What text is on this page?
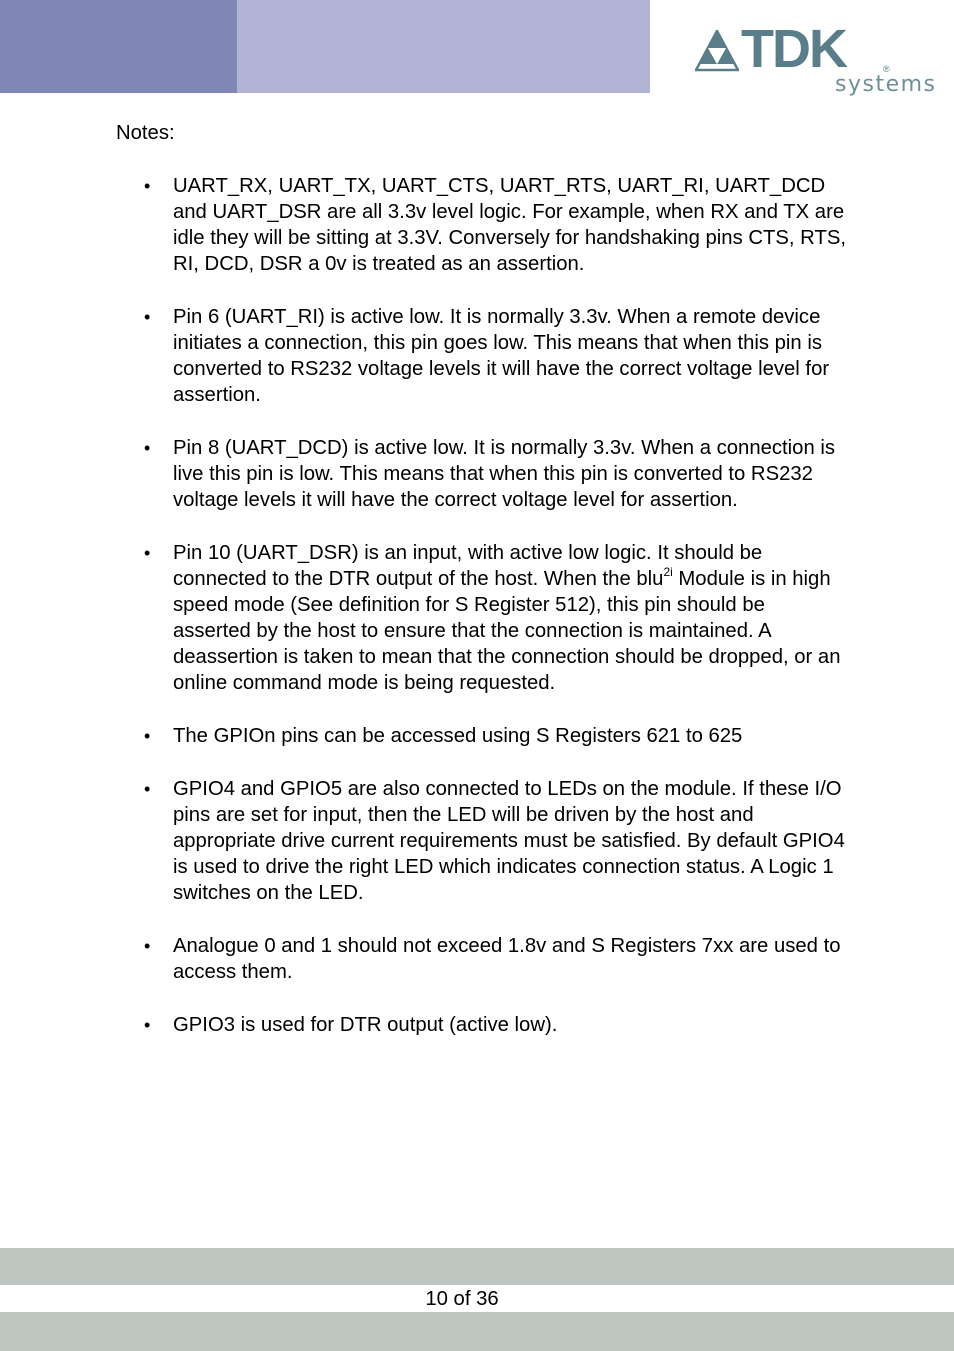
TDK	®
systems

Notes:

• UART_RX, UART_TX, UART_CTS, UART_RTS, UART_RI, UART_DCD and UART_DSR are all 3.3v level logic. For example, when RX and TX are idle they will be sitting at 3.3V. Conversely for handshaking pins CTS, RTS, RI, DCD, DSR a 0v is treated as an assertion.
• Pin 6 (UART_RI) is active low. It is normally 3.3v. When a remote device initiates a connection, this pin goes low. This means that when this pin is converted to RS232 voltage levels it will have the correct voltage level for assertion.
• Pin 8 (UART_DCD) is active low. It is normally 3.3v. When a connection is live this pin is low. This means that when this pin is converted to RS232 voltage levels it will have the correct voltage level for assertion.
• Pin 10 (UART_DSR) is an input, with active low logic. It should be connected to the DTR output of the host. When the blu$^{2i}$ Module is in high speed mode (See definition for S Register 512), this pin should be asserted by the host to ensure that the connection is maintained. A deassertion is taken to mean that the connection should be dropped, or an online command mode is being requested.
• The GPIOn pins can be accessed using S Registers 621 to 625
• GPIO4 and GPIO5 are also connected to LEDs on the module. If these I/O pins are set for input, then the LED will be driven by the host and appropriate drive current requirements must be satisfied. By default GPIO4 is used to drive the right LED which indicates connection status. A Logic 1 switches on the LED.
• Analogue 0 and 1 should not exceed 1.8v and S Registers 7xx are used to access them.
• GPIO3 is used for DTR output (active low).
10 of 36
